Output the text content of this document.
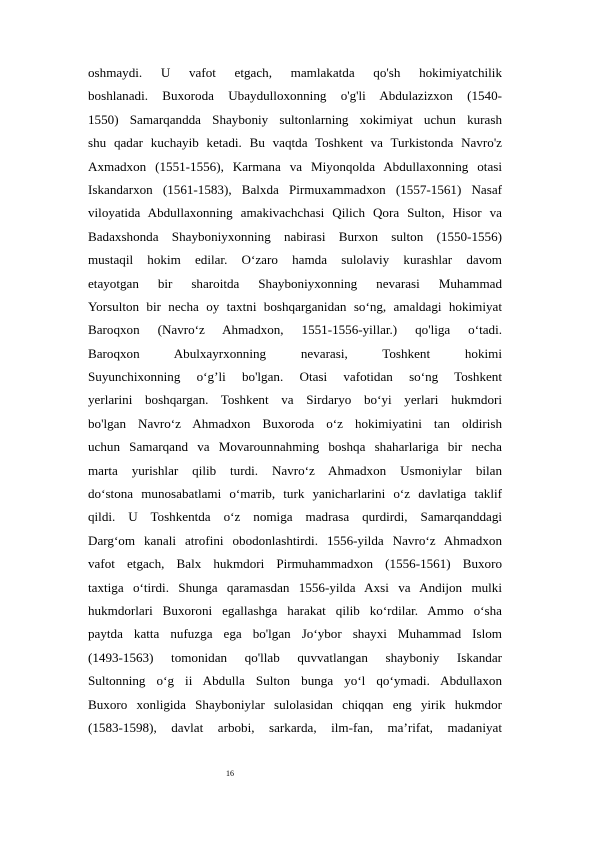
oshmaydi. U vafot etgach, mamlakatda qo'sh hokimiyatchilik
boshlanadi. Buxoroda Ubaydulloxonning o'g'li Abdulazizxon (1540-
1550) Samarqandda Shayboniy sultonlarning xokimiyat uchun kurash
shu qadar kuchayib ketadi. Bu vaqtda Toshkent va Turkistonda Navro'z
Axmadxon (1551-1556), Karmana va Miyonqolda Abdullaxonning otasi
Iskandarxon (1561-1583), Balxda Pirmuxammadxon (1557-1561) Nasaf
viloyatida Abdullaxonning amakivachchasi Qilich Qora Sulton, Hisor va
Badaxshonda Shayboniyxonning nabirasi Burxon sulton (1550-1556)
mustaqil hokim edilar. O‘zaro hamda sulolaviy kurashlar davom
etayotgan bir sharoitda Shayboniyxonning nevarasi Muhammad
Yorsulton bir necha oy taxtni boshqarganidan so‘ng, amaldagi hokimiyat
Baroqxon (Navro‘z Ahmadxon, 1551-1556-yillar.) qo'liga o‘tadi.
Baroqxon Abulxayrxonning nevarasi, Toshkent hokimi
Suyunchixonning o‘g’li bo'lgan. Otasi vafotidan so‘ng Toshkent
yerlarini boshqargan. Toshkent va Sirdaryo bo‘yi yerlari hukmdori
bo'lgan Navro‘z Ahmadxon Buxoroda o‘z hokimiyatini tan oldirish
uchun Samarqand va Movarounnahming boshqa shaharlariga bir necha
marta yurishlar qilib turdi. Navro‘z Ahmadxon Usmoniylar bilan
do‘stona munosabatlami o‘mатib, turk yanicharlarini o‘z davlatiga taklif
qildi. U Toshkentda o‘z nomiga madrasa qurdirdi, Samarqanddagi
Darg‘om kanali atrofini obodonlashtirdi. 1556-yilda Navro‘z Ahmadxon
vafot etgach, Balx hukmdori Pirmuhammadxon (1556-1561) Buxoro
taxtiga o‘tirdi. Shunga qaramasdan 1556-yilda Axsi va Andijon mulki
hukmdorlari Buxoroni egallashga harakat qilib ko‘rdilar. Ammo o‘sha
paytda katta nufuzga ega bo'lgan Jo‘ybor shayxi Muhammad Islom
(1493-1563) tomonidan qo'llab quvvatlangan shayboniy Iskandar
Sultonning o‘g ii Abdulla Sulton bunga yo‘l qo‘ymadi. Abdullaxon
Buxoro xonligida Shayboniylar sulolasidan chiqqan eng yirik hukmdor
(1583-1598), davlat arbobi, sarkarda, ilm-fan, ma’rifat, madaniyat
16
